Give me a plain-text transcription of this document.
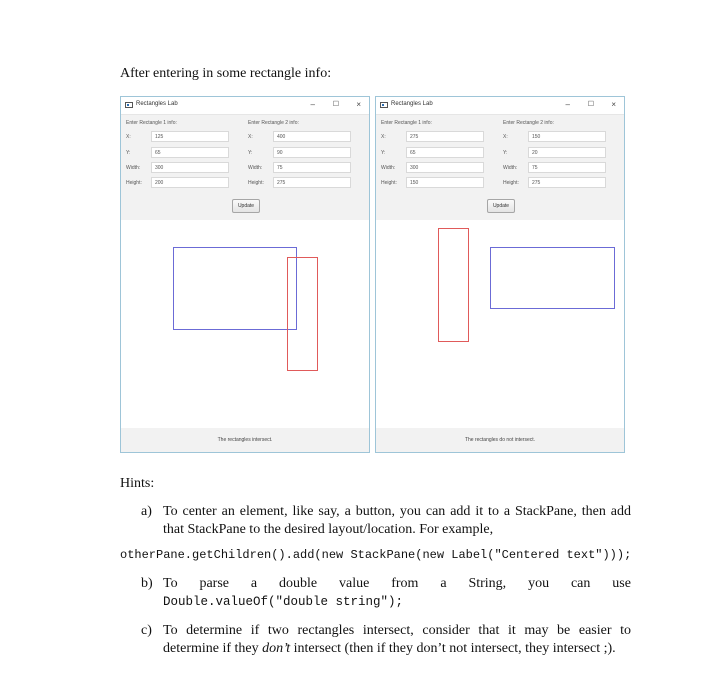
After entering in some rectangle info:
Rectangles Lab	–	☐ ×
Enter Rectangle 1 info:
X:	125
Y:	65
Width:	300
Height:	200
Enter Rectangle 2 info:
X:	400
Y:	90
Width:	75
Height:	275
Update
The rectangles intersect.
Rectangles Lab	–	☐ ×
Enter Rectangle 1 info:
X:	275
Y:	65
Width:	300
Height:	150
Enter Rectangle 2 info:
X:	150
Y:	20
Width:	75
Height:	275
Update
The rectangles do not intersect.
Hints:
a) To center an element, like say, a button, you can add it to a StackPane, then add
that StackPane to the desired layout/location. For example,
otherPane.getChildren().add(new StackPane(new Label("Centered text")));
b) To parse a double value from a String, you can use
Double.valueOf("double string");
c) To determine if two rectangles intersect, consider that it may be easier to
determine if they don’t intersect (then if they don’t not intersect, they intersect ;).
